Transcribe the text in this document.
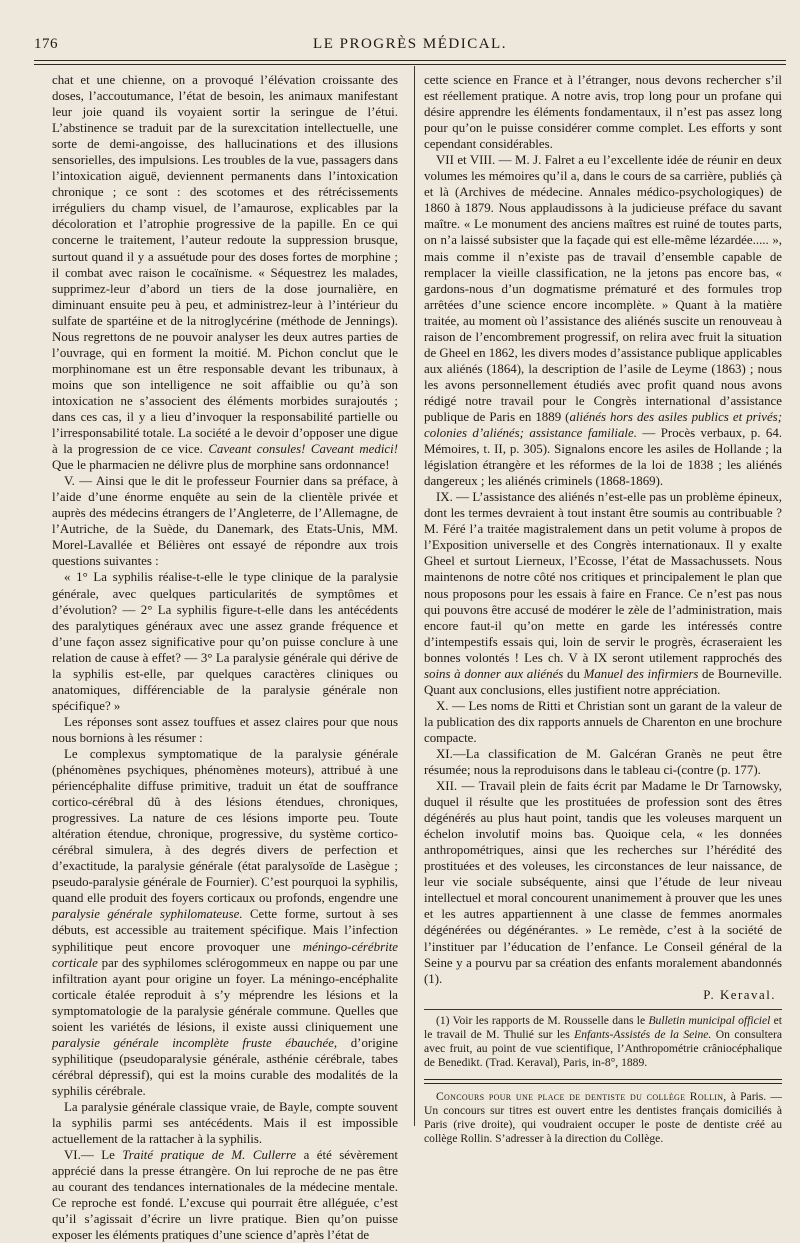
176	LE PROGRÈS MÉDICAL.

chat et une chienne, on a provoqué l’élévation croissante des doses, l’accoutumance, l’état de besoin, les animaux manifestant leur joie quand ils voyaient sortir la seringue de l’étui. L’abstinence se traduit par de la surexcitation intellectuelle, une sorte de demi-angoisse, des hallucinations et des illusions sensorielles, des impulsions. Les troubles de la vue, passagers dans l’intoxication aiguë, deviennent permanents dans l’intoxication chronique ; ce sont : des scotomes et des rétrécissements irréguliers du champ visuel, de l’amaurose, explicables par la décoloration et l’atrophie progressive de la papille. En ce qui concerne le traitement, l’auteur redoute la suppression brusque, surtout quand il y a assuétude pour des doses fortes de morphine ; il combat avec raison le cocaïnisme. « Séquestrez les malades, supprimez-leur d’abord un tiers de la dose journalière, en diminuant ensuite peu à peu, et administrez-leur à l’intérieur du sulfate de spartéine et de la nitroglycérine (méthode de Jennings). Nous regrettons de ne pouvoir analyser les deux autres parties de l’ouvrage, qui en forment la moitié. M. Pichon conclut que le morphinomane est un être responsable devant les tribunaux, à moins que son intelligence ne soit affaiblie ou qu’à son intoxication ne s’associent des éléments morbides surajoutés ; dans ces cas, il y a lieu d’invoquer la responsabilité partielle ou l’irresponsabilité totale. La société a le devoir d’opposer une digue à la progression de ce vice. Caveant consules! Caveant medici! Que le pharmacien ne délivre plus de morphine sans ordonnance!

V. — Ainsi que le dit le professeur Fournier dans sa préface, à l’aide d’une énorme enquête au sein de la clientèle privée et auprès des médecins étrangers de l’Angleterre, de l’Allemagne, de l’Autriche, de la Suède, du Danemark, des Etats-Unis, MM. Morel-Lavallée et Bélières ont essayé de répondre aux trois questions suivantes :

« 1° La syphilis réalise-t-elle le type clinique de la paralysie générale, avec quelques particularités de symptômes et d’évolution? — 2° La syphilis figure-t-elle dans les antécédents des paralytiques généraux avec une assez grande fréquence et d’une façon assez significative pour qu’on puisse conclure à une relation de cause à effet? — 3° La paralysie générale qui dérive de la syphilis est-elle, par quelques caractères cliniques ou anatomiques, différenciable de la paralysie générale non spécifique? »

Les réponses sont assez touffues et assez claires pour que nous nous bornions à les résumer :

Le complexus symptomatique de la paralysie générale (phénomènes psychiques, phénomènes moteurs), attribué à une périencéphalite diffuse primitive, traduit un état de souffrance cortico-cérébral dû à des lésions étendues, chroniques, progressives. La nature de ces lésions importe peu. Toute altération étendue, chronique, progressive, du système cortico-cérébral simulera, à des degrés divers de perfection et d’exactitude, la paralysie générale (état paralysoïde de Lasègue ; pseudo-paralysie générale de Fournier). C’est pourquoi la syphilis, quand elle produit des foyers corticaux ou profonds, engendre une paralysie générale syphilomateuse. Cette forme, surtout à ses débuts, est accessible au traitement spécifique. Mais l’infection syphilitique peut encore provoquer une méningo-cérébrite corticale par des syphilomes sclérogommeux en nappe ou par une infiltration ayant pour origine un foyer. La méningo-encéphalite corticale étalée reproduit à s’y méprendre les lésions et la symptomatologie de la paralysie générale commune. Quelles que soient les variétés de lésions, il existe aussi cliniquement une paralysie générale incomplète fruste ébauchée, d’origine syphilitique (pseudoparalysie générale, asthénie cérébrale, tabes cérébral dépressif), qui est la moins curable des modalités de la syphilis cérébrale.

La paralysie générale classique vraie, de Bayle, compte souvent la syphilis parmi ses antécédents. Mais il est impossible actuellement de la rattacher à la syphilis.

VI.— Le Traité pratique de M. Cullerre a été sévèrement apprécié dans la presse étrangère. On lui reproche de ne pas être au courant des tendances internationales de la médecine mentale. Ce reproche est fondé. L’excuse qui pourrait être alléguée, c’est qu’il s’agissait d’écrire un livre pratique. Bien qu’on puisse exposer les éléments pratiques d’une science d’après l’état de

cette science en France et à l’étranger, nous devons rechercher s’il est réellement pratique. A notre avis, trop long pour un profane qui désire apprendre les éléments fondamentaux, il n’est pas assez long pour qu’on le puisse considérer comme complet. Les efforts y sont cependant considérables.

VII et VIII. — M. J. Falret a eu l’excellente idée de réunir en deux volumes les mémoires qu’il a, dans le cours de sa carrière, publiés çà et là (Archives de médecine. Annales médico-psychologiques) de 1860 à 1879. Nous applaudissons à la judicieuse préface du savant maître. « Le monument des anciens maîtres est ruiné de toutes parts, on n’a laissé subsister que la façade qui est elle-même lézardée..... », mais comme il n’existe pas de travail d’ensemble capable de remplacer la vieille classification, ne la jetons pas encore bas, « gardons-nous d’un dogmatisme prématuré et des formules trop arrêtées d’une science encore incomplète. » Quant à la matière traitée, au moment où l’assistance des aliénés suscite un renouveau à raison de l’encombrement progressif, on relira avec fruit la situation de Gheel en 1862, les divers modes d’assistance publique applicables aux aliénés (1864), la description de l’asile de Leyme (1863) ; nous les avons personnellement étudiés avec profit quand nous avons rédigé notre travail pour le Congrès international d’assistance publique de Paris en 1889 (aliénés hors des asiles publics et privés; colonies d’aliénés; assistance familiale. — Procès verbaux, p. 64. Mémoires, t. II, p. 305). Signalons encore les asiles de Hollande ; la législation étrangère et les réformes de la loi de 1838 ; les aliénés dangereux ; les aliénés criminels (1868-1869).

IX. — L’assistance des aliénés n’est-elle pas un problème épineux, dont les termes devraient à tout instant être soumis au contribuable ? M. Féré l’a traitée magistralement dans un petit volume à propos de l’Exposition universelle et des Congrès internationaux. Il y exalte Gheel et surtout Lierneux, l’Ecosse, l’état de Massachussets. Nous maintenons de notre côté nos critiques et principalement le plan que nous proposons pour les essais à faire en France. Ce n’est pas nous qui pouvons être accusé de modérer le zèle de l’administration, mais encore faut-il qu’on mette en garde les intéressés contre d’intempestifs essais qui, loin de servir le progrès, écraseraient les bonnes volontés ! Les ch. V à IX seront utilement rapprochés des soins à donner aux aliénés du Manuel des infirmiers de Bourneville. Quant aux conclusions, elles justifient notre appréciation.

X. — Les noms de Ritti et Christian sont un garant de la valeur de la publication des dix rapports annuels de Charenton en une brochure compacte.

XI.—La classification de M. Galcéran Granès ne peut être résumée; nous la reproduisons dans le tableau ci-(contre (p. 177).

XII. — Travail plein de faits écrit par Madame le Dr Tarnowsky, duquel il résulte que les prostituées de profession sont des êtres dégénérés au plus haut point, tandis que les voleuses marquent un échelon involutif moins bas. Quoique cela, « les données anthropométriques, ainsi que les recherches sur l’hérédité des prostituées et des voleuses, les circonstances de leur naissance, de leur vie sociale subséquente, ainsi que l’étude de leur niveau intellectuel et moral concourent unanimement à prouver que les unes et les autres appartiennent à une classe de femmes anormales dégénérées ou dégénérantes. » Le remède, c’est à la société de l’instituer par l’éducation de l’enfance. Le Conseil général de la Seine y a pourvu par sa création des enfants moralement abandonnés (1).

P. Keraval.

(1) Voir les rapports de M. Rousselle dans le Bulletin municipal officiel et le travail de M. Thulié sur les Enfants-Assistés de la Seine. On consultera avec fruit, au point de vue scientifique, l’Anthropométrie crâniocéphalique de Benedikt. (Trad. Keraval), Paris, in-8°, 1889.

Concours pour une place de dentiste du collège Rollin, à Paris. — Un concours sur titres est ouvert entre les dentistes français domiciliés à Paris (rive droite), qui voudraient occuper le poste de dentiste créé au collège Rollin. S’adresser à la direction du Collège.
